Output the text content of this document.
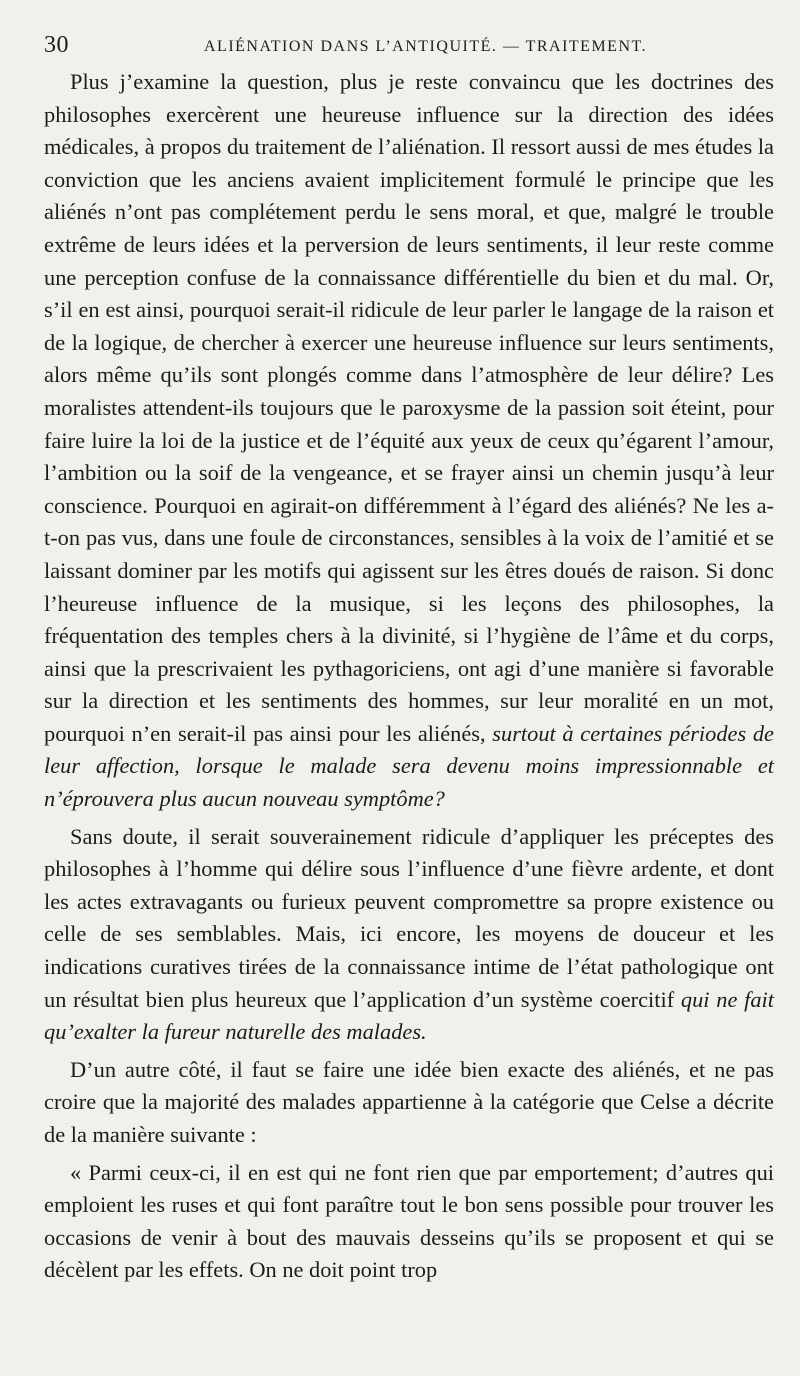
30	ALIÉNATION DANS L’ANTIQUITÉ. — TRAITEMENT.

Plus j’examine la question, plus je reste convaincu que les doctrines des philosophes exercèrent une heureuse influence sur la direction des idées médicales, à propos du traitement de l’aliénation. Il ressort aussi de mes études la conviction que les anciens avaient implicitement formulé le principe que les aliénés n’ont pas complétement perdu le sens moral, et que, malgré le trouble extrême de leurs idées et la perversion de leurs sentiments, il leur reste comme une perception confuse de la connaissance différentielle du bien et du mal. Or, s’il en est ainsi, pourquoi serait-il ridicule de leur parler le langage de la raison et de la logique, de chercher à exercer une heureuse influence sur leurs sentiments, alors même qu’ils sont plongés comme dans l’atmosphère de leur délire? Les moralistes attendent-ils toujours que le paroxysme de la passion soit éteint, pour faire luire la loi de la justice et de l’équité aux yeux de ceux qu’égarent l’amour, l’ambition ou la soif de la vengeance, et se frayer ainsi un chemin jusqu’à leur conscience. Pourquoi en agirait-on différemment à l’égard des aliénés? Ne les a-t-on pas vus, dans une foule de circonstances, sensibles à la voix de l’amitié et se laissant dominer par les motifs qui agissent sur les êtres doués de raison. Si donc l’heureuse influence de la musique, si les leçons des philosophes, la fréquentation des temples chers à la divinité, si l’hygiène de l’âme et du corps, ainsi que la prescrivaient les pythagoriciens, ont agi d’une manière si favorable sur la direction et les sentiments des hommes, sur leur moralité en un mot, pourquoi n’en serait-il pas ainsi pour les aliénés, surtout à certaines périodes de leur affection, lorsque le malade sera devenu moins impressionnable et n’éprouvera plus aucun nouveau symptôme?

Sans doute, il serait souverainement ridicule d’appliquer les préceptes des philosophes à l’homme qui délire sous l’influence d’une fièvre ardente, et dont les actes extravagants ou furieux peuvent compromettre sa propre existence ou celle de ses semblables. Mais, ici encore, les moyens de douceur et les indications curatives tirées de la connaissance intime de l’état pathologique ont un résultat bien plus heureux que l’application d’un système coercitif qui ne fait qu’exalter la fureur naturelle des malades.

D’un autre côté, il faut se faire une idée bien exacte des aliénés, et ne pas croire que la majorité des malades appartienne à la catégorie que Celse a décrite de la manière suivante :

« Parmi ceux-ci, il en est qui ne font rien que par emportement; d’autres qui emploient les ruses et qui font paraître tout le bon sens possible pour trouver les occasions de venir à bout des mauvais desseins qu’ils se proposent et qui se décèlent par les effets. On ne doit point trop
